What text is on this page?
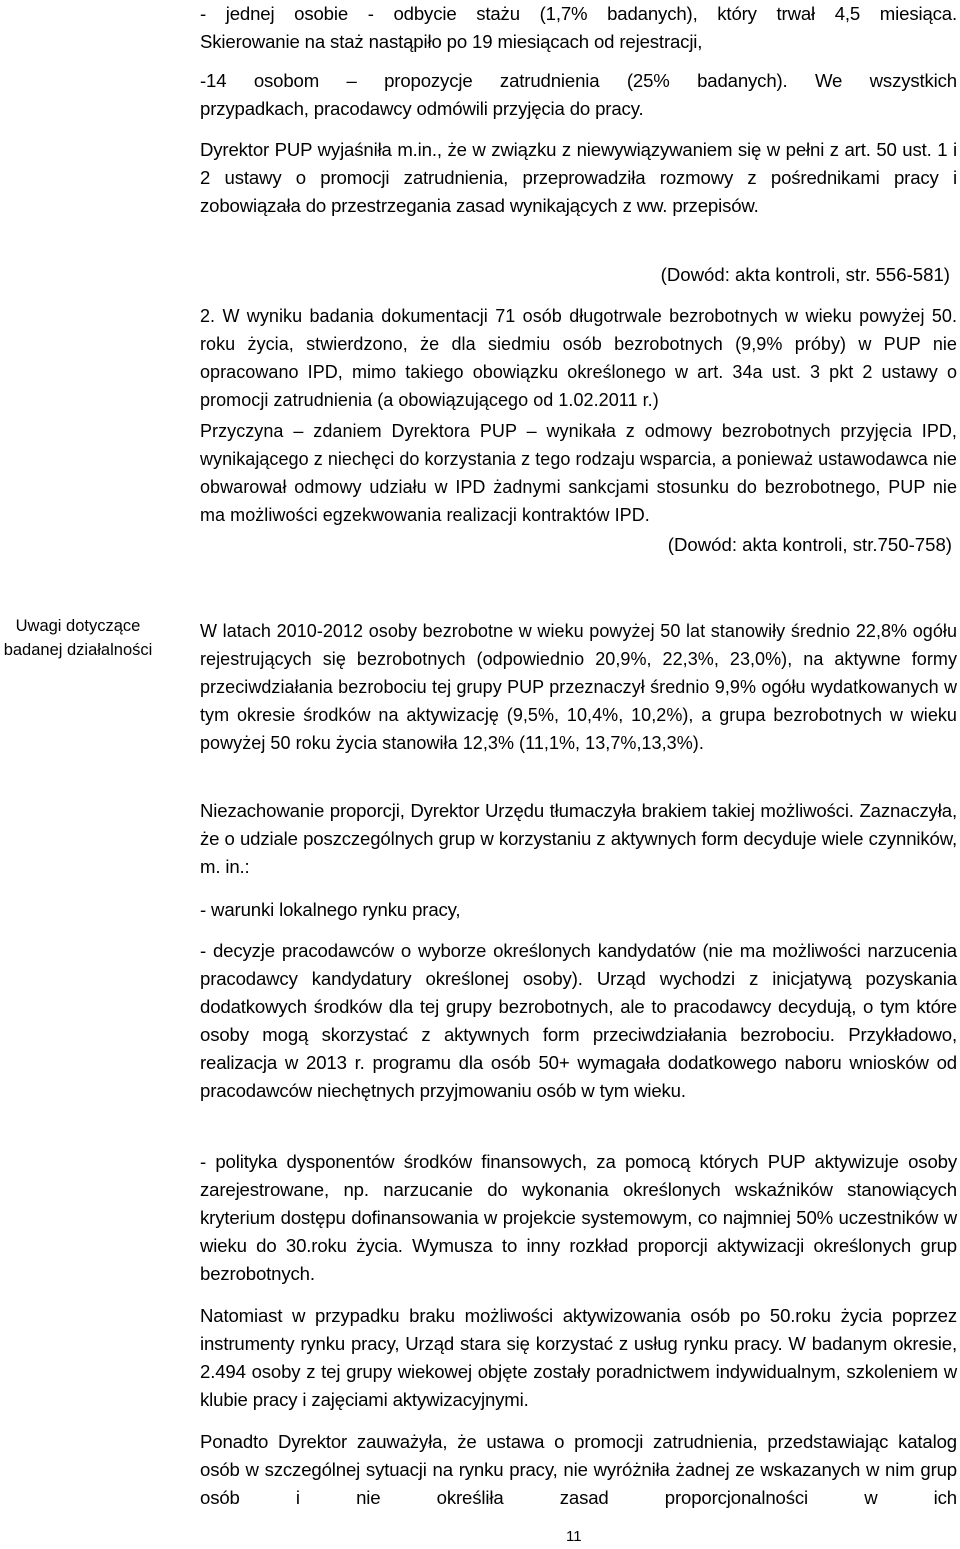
- jednej osobie - odbycie stażu (1,7% badanych), który trwał 4,5 miesiąca.

Skierowanie na staż nastąpiło po 19 miesiącach od rejestracji,

-14 osobom – propozycje zatrudnienia (25% badanych). We wszystkich

przypadkach, pracodawcy odmówili przyjęcia do pracy.

Dyrektor PUP wyjaśniła m.in., że w związku z niewywiązywaniem się w pełni z art. 50 ust. 1 i 2 ustawy o promocji zatrudnienia, przeprowadziła rozmowy z pośrednikami pracy i zobowiązała do przestrzegania zasad wynikających z ww. przepisów.

(Dowód: akta kontroli, str. 556-581)

2. W wyniku badania dokumentacji 71 osób długotrwale bezrobotnych w wieku powyżej 50. roku życia, stwierdzono, że dla siedmiu osób bezrobotnych (9,9% próby) w PUP nie opracowano IPD, mimo takiego obowiązku określonego w art. 34a ust. 3 pkt 2 ustawy o promocji zatrudnienia (a obowiązującego od 1.02.2011 r.)

Przyczyna – zdaniem Dyrektora PUP – wynikała z odmowy bezrobotnych przyjęcia IPD, wynikającego z niechęci do korzystania z tego rodzaju wsparcia, a ponieważ ustawodawca nie obwarował odmowy udziału w IPD żadnymi sankcjami stosunku do bezrobotnego, PUP nie ma możliwości egzekwowania realizacji kontraktów IPD.

(Dowód: akta kontroli, str.750-758)
Uwagi dotyczące badanej działalności

W latach 2010-2012 osoby bezrobotne w wieku powyżej 50 lat stanowiły średnio 22,8% ogółu rejestrujących się bezrobotnych (odpowiednio 20,9%, 22,3%, 23,0%), na aktywne formy przeciwdziałania bezrobociu tej grupy PUP przeznaczył średnio 9,9% ogółu wydatkowanych w tym okresie środków na aktywizację (9,5%, 10,4%, 10,2%), a grupa bezrobotnych w wieku powyżej 50 roku życia stanowiła 12,3% (11,1%, 13,7%,13,3%).

Niezachowanie proporcji, Dyrektor Urzędu tłumaczyła brakiem takiej możliwości. Zaznaczyła, że o udziale poszczególnych grup w korzystaniu z aktywnych form decyduje wiele czynników, m. in.:

- warunki lokalnego rynku pracy,

- decyzje pracodawców o wyborze określonych kandydatów (nie ma możliwości narzucenia pracodawcy kandydatury określonej osoby). Urząd wychodzi z inicjatywą pozyskania dodatkowych środków dla tej grupy bezrobotnych, ale to pracodawcy decydują, o tym które osoby mogą skorzystać z aktywnych form przeciwdziałania bezrobociu. Przykładowo, realizacja w 2013 r. programu dla osób 50+ wymagała dodatkowego naboru wniosków od pracodawców niechętnych przyjmowaniu osób w tym wieku.

- polityka dysponentów środków finansowych, za pomocą których PUP aktywizuje osoby zarejestrowane, np. narzucanie do wykonania określonych wskaźników stanowiących kryterium dostępu dofinansowania w projekcie systemowym, co najmniej 50% uczestników w wieku do 30.roku życia. Wymusza to inny rozkład proporcji aktywizacji określonych grup bezrobotnych.

Natomiast w przypadku braku możliwości aktywizowania osób po 50.roku życia poprzez instrumenty rynku pracy, Urząd stara się korzystać z usług rynku pracy. W badanym okresie, 2.494 osoby z tej grupy wiekowej objęte zostały poradnictwem indywidualnym, szkoleniem w klubie pracy i zajęciami aktywizacyjnymi.

Ponadto Dyrektor zauważyła, że ustawa o promocji zatrudnienia, przedstawiając katalog osób w szczególnej sytuacji na rynku pracy, nie wyróżniła żadnej ze wskazanych w nim grup osób i nie określiła zasad proporcjonalności w ich

11
